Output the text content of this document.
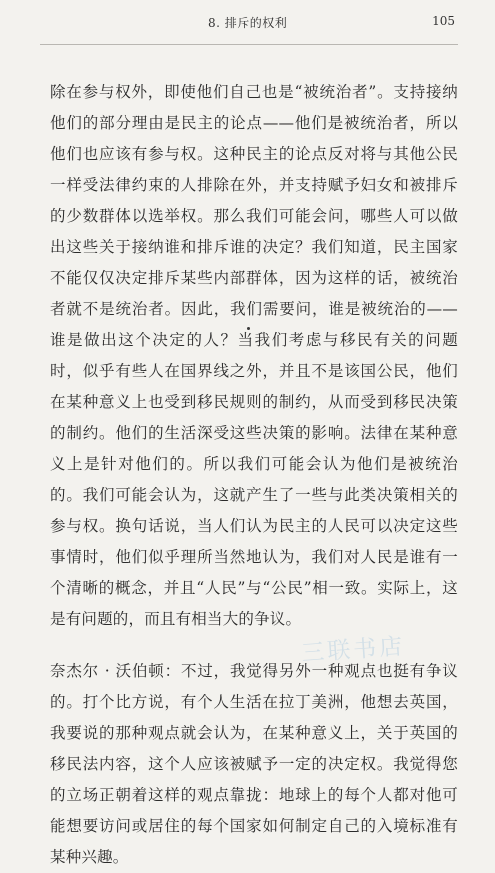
8. 排斥的权利	105

除在参与权外，即使他们自己也是“被统治者”。支持接纳他们的部分理由是民主的论点——他们是被统治者，所以他们也应该有参与权。这种民主的论点反对将与其他公民一样受法律约束的人排除在外，并支持赋予妇女和被排斥的少数群体以选举权。那么我们可能会问，哪些人可以做出这些关于接纳谁和排斥谁的决定？我们知道，民主国家不能仅仅决定排斥某些内部群体，因为这样的话，被统治者就不是统治者。因此，我们需要问，谁是被统治的——谁是做出这个决定的人？当我们考虑与移民有关的问题时，似乎有些人在国界线之外，并且不是该国公民，他们在某种意义上也受到移民规则的制约，从而受到移民决策的制约。他们的生活深受这些决策的影响。法律在某种意义上是针对他们的。所以我们可能会认为他们是被统治的。我们可能会认为，这就产生了一些与此类决策相关的参与权。换句话说，当人们认为民主的人民可以决定这些事情时，他们似乎理所当然地认为，我们对人民是谁有一个清晰的概念，并且“人民”与“公民”相一致。实际上，这是有问题的，而且有相当大的争议。

奈杰尔 · 沃伯顿：不过，我觉得另外一种观点也挺有争议的。打个比方说，有个人生活在拉丁美洲，他想去英国，我要说的那种观点就会认为，在某种意义上，关于英国的移民法内容，这个人应该被赋予一定的决定权。我觉得您的立场正朝着这样的观点靠拢：地球上的每个人都对他可能想要访问或居住的每个国家如何制定自己的入境标准有某种兴趣。

三联书店
